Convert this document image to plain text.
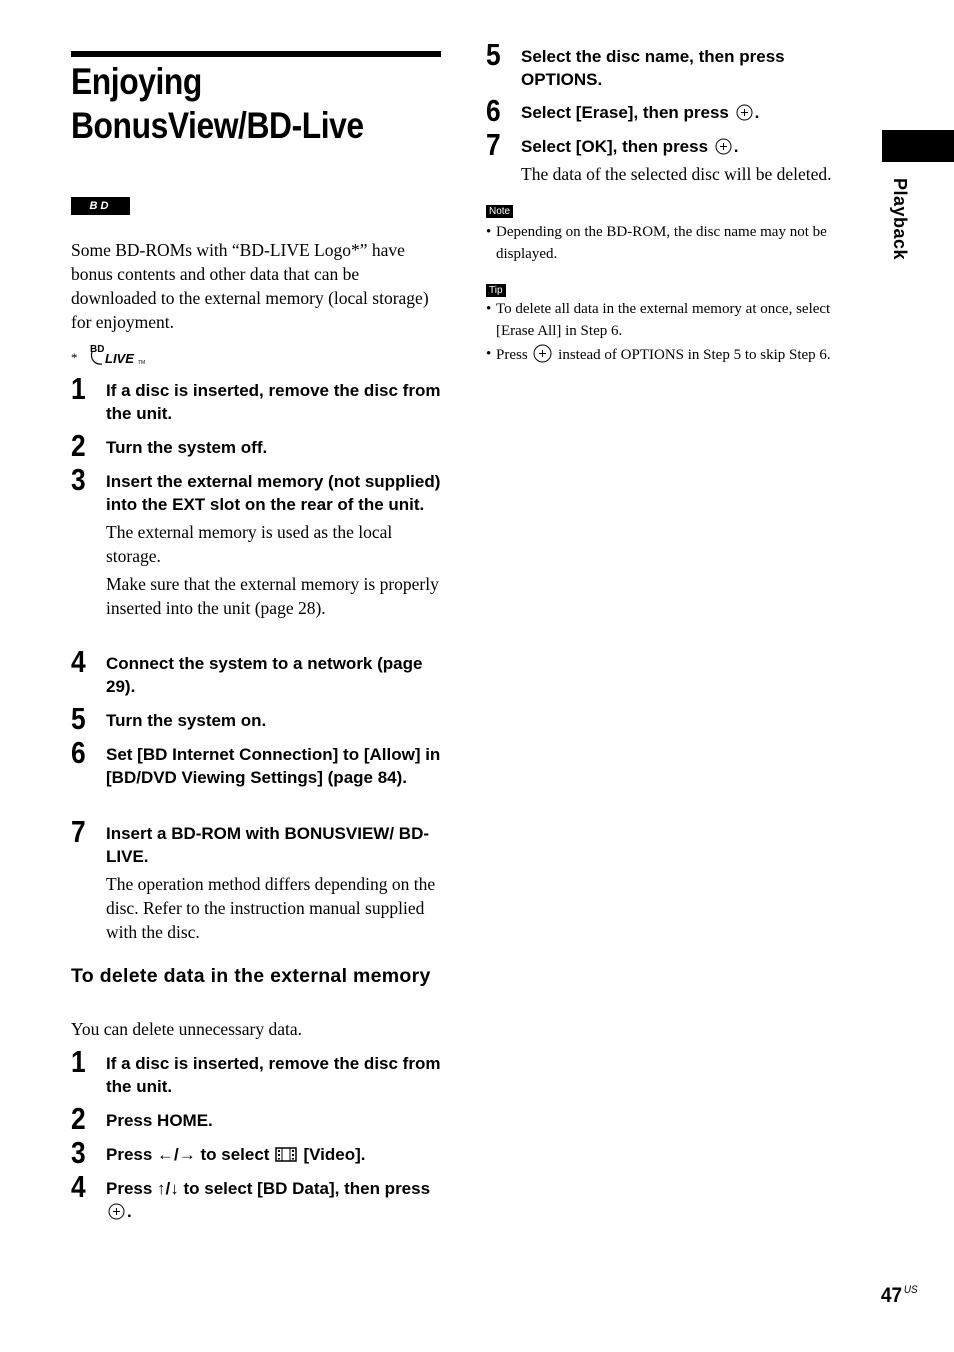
Enjoying BonusView/BD-Live
BD

Some BD-ROMs with “BD-LIVE Logo*” have bonus contents and other data that can be downloaded to the external memory (local storage) for enjoyment.

*
BD
LIVE TM
1 If a disc is inserted, remove the disc from the unit.
2 Turn the system off.
3 Insert the external memory (not supplied) into the EXT slot on the rear of the unit.

The external memory is used as the local storage.

Make sure that the external memory is properly inserted into the unit (page 28).

4 Connect the system to a network (page 29).
5 Turn the system on.
6 Set [BD Internet Connection] to [Allow] in [BD/DVD Viewing Settings] (page 84).
7 Insert a BD-ROM with BONUSVIEW/ BD-LIVE.

The operation method differs depending on the disc. Refer to the instruction manual supplied with the disc.

To delete data in the external memory

You can delete unnecessary data.

1 If a disc is inserted, remove the disc from the unit.
2 Press HOME.
3 Press ←/→ to select [Video].
4 Press ↑/↓ to select [BD Data], then press .
5 Select the disc name, then press OPTIONS.
6 Select [Erase], then press .
7 Select [OK], then press .

The data of the selected disc will be deleted.

Note
• Depending on the BD-ROM, the disc name may not be displayed.
Tip
• To delete all data in the external memory at once, select [Erase All] in Step 6.
• Press instead of OPTIONS in Step 5 to skip Step 6.
Playback
47 $^{US}$
